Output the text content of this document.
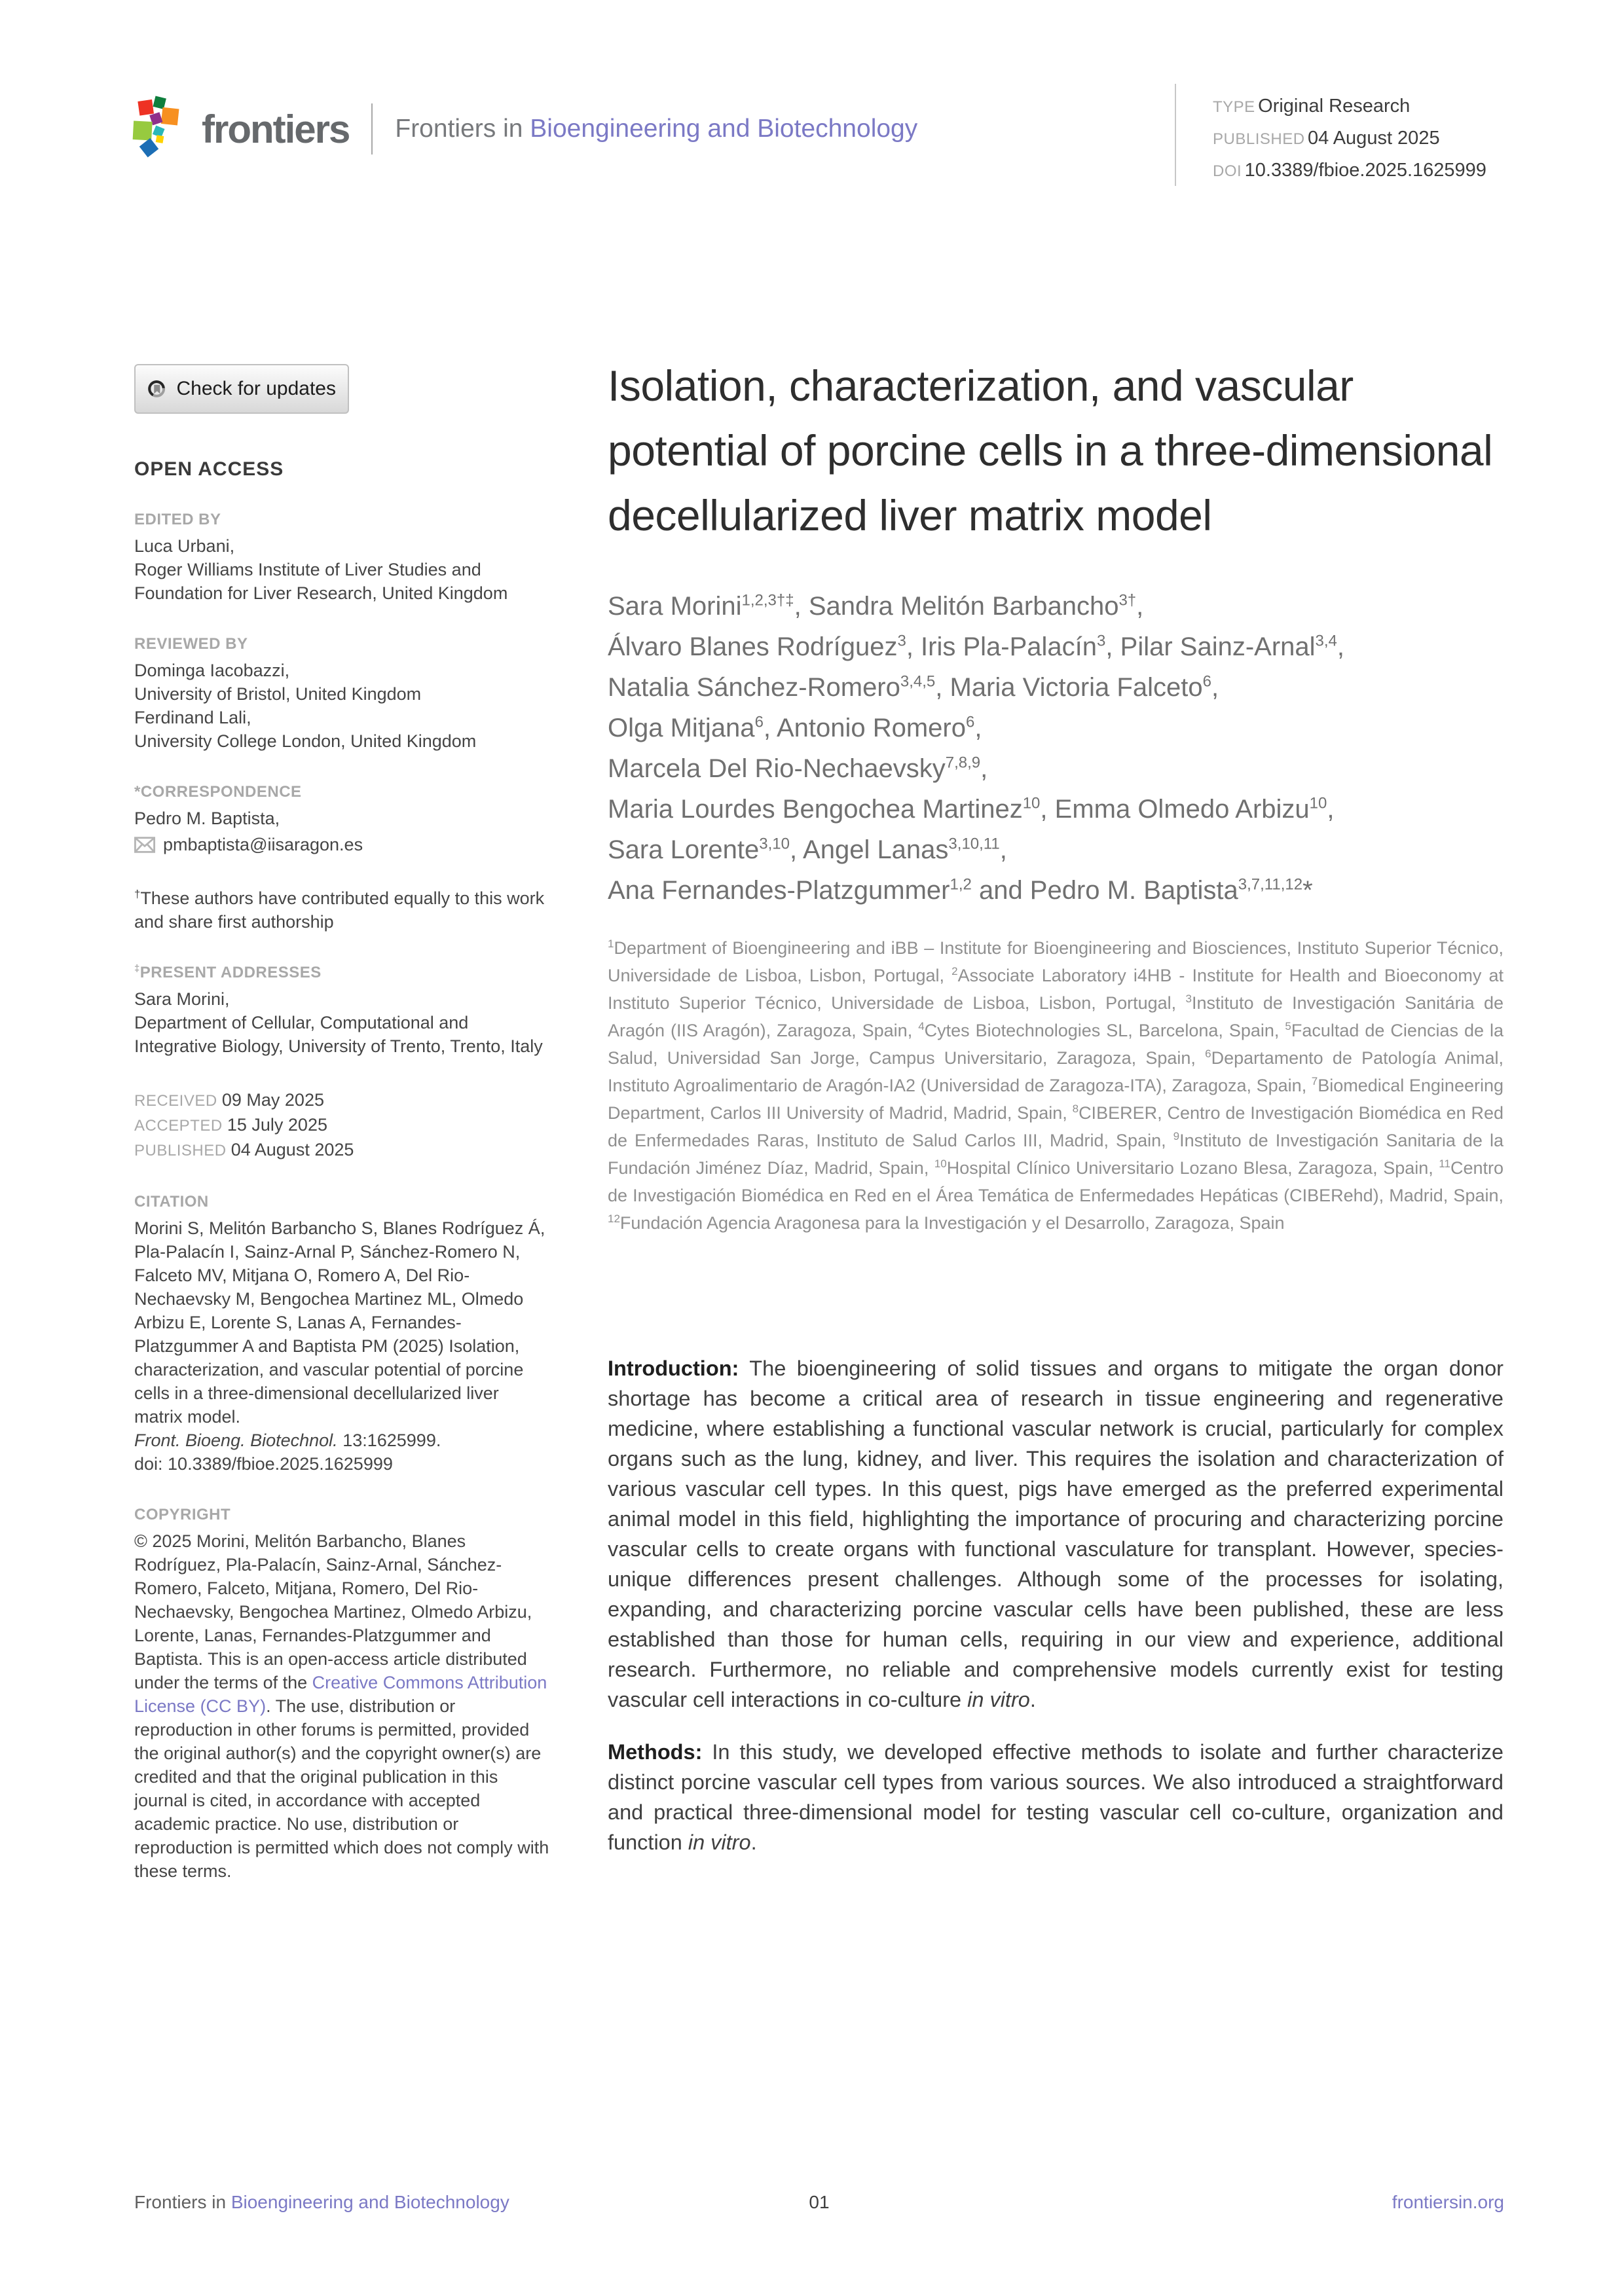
frontiers Frontiers in Bioengineering and Biotechnology
TYPE Original Research
PUBLISHED 04 August 2025
DOI 10.3389/fbioe.2025.1625999
Check for updates
OPEN ACCESS
EDITED BY

Luca Urbani,

Roger Williams Institute of Liver Studies and Foundation for Liver Research, United Kingdom

REVIEWED BY

Dominga Iacobazzi,

University of Bristol, United Kingdom

Ferdinand Lali,

University College London, United Kingdom

*CORRESPONDENCE

Pedro M. Baptista,

pmbaptista@iisaragon.es

†These authors have contributed equally to this work and share first authorship

‡PRESENT ADDRESSES

Sara Morini,

Department of Cellular, Computational and Integrative Biology, University of Trento, Trento, Italy

RECEIVED 09 May 2025
ACCEPTED 15 July 2025
PUBLISHED 04 August 2025
CITATION

Morini S, Melitón Barbancho S, Blanes Rodríguez Á, Pla-Palacín I, Sainz-Arnal P, Sánchez-Romero N, Falceto MV, Mitjana O, Romero A, Del Rio-Nechaevsky M, Bengochea Martinez ML, Olmedo Arbizu E, Lorente S, Lanas A, Fernandes-Platzgummer A and Baptista PM (2025) Isolation, characterization, and vascular potential of porcine cells in a three-dimensional decellularized liver matrix model.
Front. Bioeng. Biotechnol. 13:1625999.
doi: 10.3389/fbioe.2025.1625999

COPYRIGHT

© 2025 Morini, Melitón Barbancho, Blanes Rodríguez, Pla-Palacín, Sainz-Arnal, Sánchez-Romero, Falceto, Mitjana, Romero, Del Rio-Nechaevsky, Bengochea Martinez, Olmedo Arbizu, Lorente, Lanas, Fernandes-Platzgummer and Baptista. This is an open-access article distributed under the terms of the Creative Commons Attribution License (CC BY). The use, distribution or reproduction in other forums is permitted, provided the original author(s) and the copyright owner(s) are credited and that the original publication in this journal is cited, in accordance with accepted academic practice. No use, distribution or reproduction is permitted which does not comply with these terms.

Isolation, characterization, and vascular potential of porcine cells in a three-dimensional decellularized liver matrix model
Sara Morini$^{1,2,3\dagger\ddagger}$, Sandra Melitón Barbancho$^{3\dagger}$,
Álvaro Blanes Rodríguez$^3$, Iris Pla-Palacín$^3$, Pilar Sainz-Arnal$^{3,4}$,
Natalia Sánchez-Romero$^{3,4,5}$, Maria Victoria Falceto$^6$,
Olga Mitjana$^6$, Antonio Romero$^6$,
Marcela Del Rio-Nechaevsky$^{7,8,9}$,
Maria Lourdes Bengochea Martinez$^{10}$, Emma Olmedo Arbizu$^{10}$,
Sara Lorente$^{3,10}$, Angel Lanas$^{3,10,11}$,
Ana Fernandes-Platzgummer$^{1,2}$ and Pedro M. Baptista$^{3,7,11,12}$*
$^1$Department of Bioengineering and iBB – Institute for Bioengineering and Biosciences, Instituto Superior Técnico, Universidade de Lisboa, Lisbon, Portugal, $^2$Associate Laboratory i4HB - Institute for Health and Bioeconomy at Instituto Superior Técnico, Universidade de Lisboa, Lisbon, Portugal, $^3$Instituto de Investigación Sanitária de Aragón (IIS Aragón), Zaragoza, Spain, $^4$Cytes Biotechnologies SL, Barcelona, Spain, $^5$Facultad de Ciencias de la Salud, Universidad San Jorge, Campus Universitario, Zaragoza, Spain, $^6$Departamento de Patología Animal, Instituto Agroalimentario de Aragón-IA2 (Universidad de Zaragoza-ITA), Zaragoza, Spain, $^7$Biomedical Engineering Department, Carlos III University of Madrid, Madrid, Spain, $^8$CIBERER, Centro de Investigación Biomédica en Red de Enfermedades Raras, Instituto de Salud Carlos III, Madrid, Spain, $^9$Instituto de Investigación Sanitaria de la Fundación Jiménez Díaz, Madrid, Spain, $^{10}$Hospital Clínico Universitario Lozano Blesa, Zaragoza, Spain, $^{11}$Centro de Investigación Biomédica en Red en el Área Temática de Enfermedades Hepáticas (CIBERehd), Madrid, Spain, $^{12}$Fundación Agencia Aragonesa para la Investigación y el Desarrollo, Zaragoza, Spain

Introduction: The bioengineering of solid tissues and organs to mitigate the organ donor shortage has become a critical area of research in tissue engineering and regenerative medicine, where establishing a functional vascular network is crucial, particularly for complex organs such as the lung, kidney, and liver. This requires the isolation and characterization of various vascular cell types. In this quest, pigs have emerged as the preferred experimental animal model in this field, highlighting the importance of procuring and characterizing porcine vascular cells to create organs with functional vasculature for transplant. However, species-unique differences present challenges. Although some of the processes for isolating, expanding, and characterizing porcine vascular cells have been published, these are less established than those for human cells, requiring in our view and experience, additional research. Furthermore, no reliable and comprehensive models currently exist for testing vascular cell interactions in co-culture in vitro.

Methods: In this study, we developed effective methods to isolate and further characterize distinct porcine vascular cell types from various sources. We also introduced a straightforward and practical three-dimensional model for testing vascular cell co-culture, organization and function in vitro.

Frontiers in Bioengineering and Biotechnology	01	frontiersin.org
